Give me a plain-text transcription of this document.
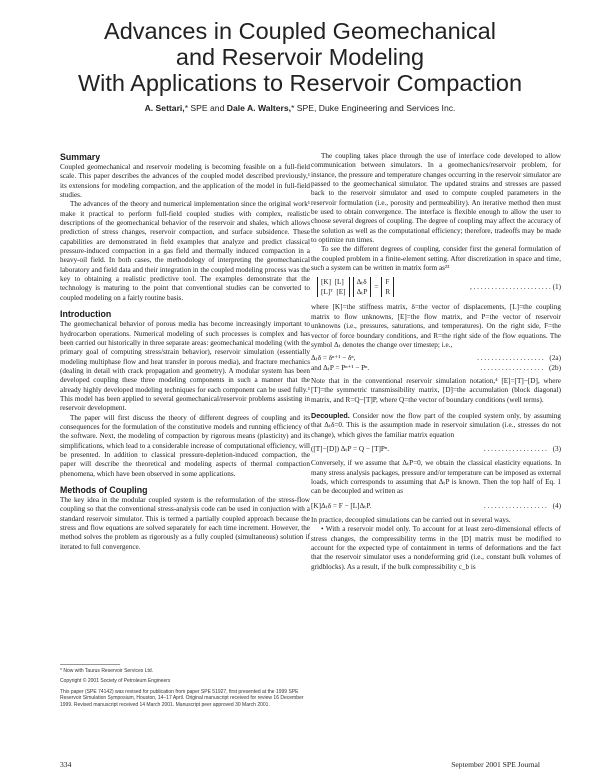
Advances in Coupled Geomechanical
and Reservoir Modeling
With Applications to Reservoir Compaction
A. Settari,* SPE and Dale A. Walters,* SPE, Duke Engineering and Services Inc.
Summary

Coupled geomechanical and reservoir modeling is becoming feasible on a full-field scale. This paper describes the advances of the coupled model described previously,¹ its extensions for modeling compaction, and the application of the model in full-field studies.

The advances of the theory and numerical implementation since the original work¹ make it practical to perform full-field coupled studies with complex, realistic descriptions of the geomechanical behavior of the reservoir and shales, which allows prediction of stress changes, reservoir compaction, and surface subsidence. These capabilities are demonstrated in field examples that analyze and predict classical pressure-induced compaction in a gas field and thermally induced compaction in a heavy-oil field. In both cases, the methodology of interpreting the geomechanical laboratory and field data and their integration in the coupled modeling process was the key to obtaining a realistic predictive tool. The examples demonstrate that the technology is maturing to the point that conventional studies can be converted to coupled modeling on a fairly routine basis.

Introduction

The geomechanical behavior of porous media has become increasingly important to hydrocarbon operations. Numerical modeling of such processes is complex and has been carried out historically in three separate areas: geomechanical modeling (with the primary goal of computing stress/strain behavior), reservoir simulation (essentially modeling multiphase flow and heat transfer in porous media), and fracture mechanics (dealing in detail with crack propagation and geometry). A modular system has been developed coupling these three modeling components in such a manner that the already highly developed modeling techniques for each component can be used fully.¹ This model has been applied to several geomechanical/reservoir problems assisting in reservoir development.

The paper will first discuss the theory of different degrees of coupling and its consequences for the formulation of the constitutive models and running efficiency of the software. Next, the modeling of compaction by rigorous means (plasticity) and its simplifications, which lead to a considerable increase of computational efficiency, will be presented. In addition to classical pressure-depletion-induced compaction, the paper will describe the theoretical and modeling aspects of thermal compaction phenomena, which have been observed in some applications.

Methods of Coupling

The key idea in the modular coupled system is the reformulation of the stress-flow coupling so that the conventional stress-analysis code can be used in conjuction with a standard reservoir simulator. This is termed a partially coupled approach because the stress and flow equations are solved separately for each time increment. However, the method solves the problem as rigorously as a fully coupled (simultaneous) solution if iterated to full convergence.

* Now with Taurus Reservoir Services Ltd.
Copyright © 2001 Society of Petroleum Engineers
This paper (SPE 74142) was revised for publication from paper SPE 51927, first presented at the 1999 SPE Reservoir Simulation Symposium, Houston, 14–17 April. Original manuscript received for review 16 December 1999. Revised manuscript received 14 March 2001. Manuscript peer approved 30 March 2001.

The coupling takes place through the use of interface code developed to allow communication between simulators. In a geomechanics/reservoir problem, for instance, the pressure and temperature changes occurring in the reservoir simulator are passed to the geomechanical simulator. The updated strains and stresses are passed back to the reservoir simulator and used to compute coupled parameters in the reservoir formulation (i.e., porosity and permeability). An iterative method then must be used to obtain convergence. The interface is flexible enough to allow the user to choose several degrees of coupling. The degree of coupling may affect the accuracy of the solution as well as the computational efficiency; therefore, tradeoffs may be made to optimize run times.

To see the different degrees of coupling, consider first the general formulation of the coupled problem in a finite-element setting. After discretization in space and time, such a system can be written in matrix form as²³

[K]  [L]
[L]ᵀ  [E]
Δₜδ
ΔₜP
=
F
R
, . . . . . . . . . . . . . . . . . . . . . . (1)

where [K]=the stiffness matrix, δ=the vector of displacements, [L]=the coupling matrix to flow unknowns, [E]=the flow matrix, and P=the vector of reservoir unknowns (i.e., pressures, saturations, and temperatures). On the right side, F=the vector of force boundary conditions, and R=the right side of the flow equations. The symbol Δₜ denotes the change over timestep; i.e.,

Δₜδ = δⁿ⁺¹ − δⁿ,	. . . . . . . . . . . . . . . . . . . (2a)
and ΔₜP = Pⁿ⁺¹ − Pⁿ.	. . . . . . . . . . . . . . . . . . (2b)

Note that in the conventional reservoir simulation notation,⁴ [E]=[T]−[D], where [T]=the symmetric transmissibility matrix, [D]=the accumulation (block diagonal) matrix, and R=Q−[T]P, where Q=the vector of boundary conditions (well terms).

Decoupled. Consider now the flow part of the coupled system only, by assuming that Δₜδ=0. This is the assumption made in reservoir simulation (i.e., stresses do not change), which gives the familiar matrix equation

([T]−[D]) ΔₜP = Q − [T]Pⁿ.	. . . . . . . . . . . . . . . . . . (3)

Conversely, if we assume that ΔₜP=0, we obtain the classical elasticity equations. In many stress analysis packages, pressure and/or temperature can be imposed as external loads, which corresponds to assuming that ΔₜP is known. Then the top half of Eq. 1 can be decoupled and written as

[K]Δₜδ = F − [L]ΔₜP.	. . . . . . . . . . . . . . . . . . (4)

In practice, decoupled simulations can be carried out in several ways.

• With a reservoir model only. To account for at least zero-dimensional effects of stress changes, the compressibility terms in the [D] matrix must be modified to account for the expected type of containment in terms of deformations and the fact that the reservoir simulator uses a nondeforming grid (i.e., constant bulk volumes of gridblocks). As a result, if the bulk compressibility c_b is

334	September 2001 SPE Journal
